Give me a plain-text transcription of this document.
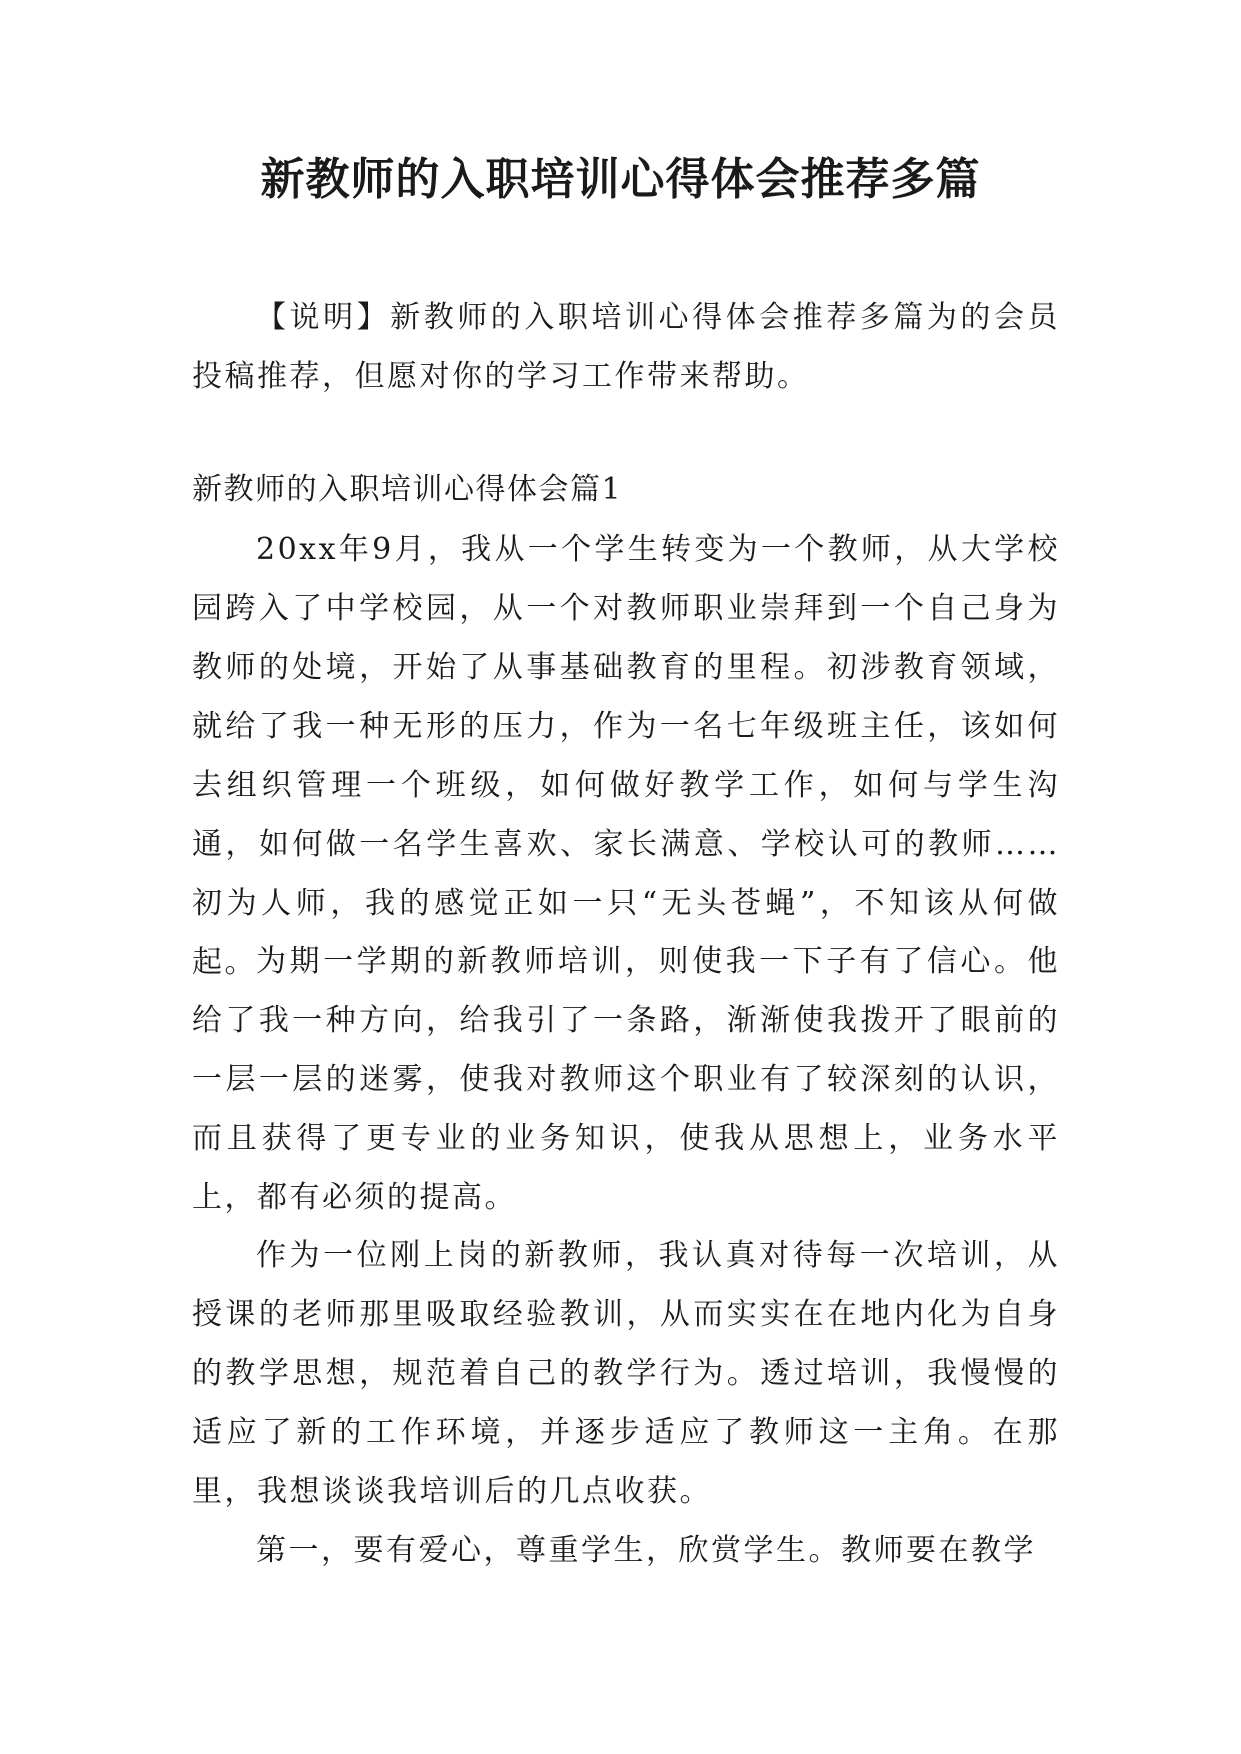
新教师的入职培训心得体会推荐多篇

【说明】新教师的入职培训心得体会推荐多篇为的会员投稿推荐，但愿对你的学习工作带来帮助。

新教师的入职培训心得体会篇1

20xx年9月，我从一个学生转变为一个教师，从大学校园跨入了中学校园，从一个对教师职业崇拜到一个自己身为教师的处境，开始了从事基础教育的里程。初涉教育领域，就给了我一种无形的压力，作为一名七年级班主任，该如何去组织管理一个班级，如何做好教学工作，如何与学生沟通，如何做一名学生喜欢、家长满意、学校认可的教师……初为人师，我的感觉正如一只“无头苍蝇”，不知该从何做起。 为期一学期的新教师培训，则使我一下子有了信心。他给了我一种方向，给我引了一条路，渐渐使我拨开了眼前的一层一层的迷雾，使我对教师这个职业有了较深刻的认识，而且获得了更专业的业务知识，使我从思想上，业务水平上，都有必须的提高。

作为一位刚上岗的新教师，我认真对待每一次培训，从授课的老师那里吸取经验教训，从而实实在在地内化为自身的教学思想，规范着自己的教学行为。透过培训，我慢慢的适应了新的工作环境，并逐步适应了教师这一主角。在那里，我想谈谈我培训后的几点收获。

第一，要有爱心，尊重学生，欣赏学生。教师要在教学
